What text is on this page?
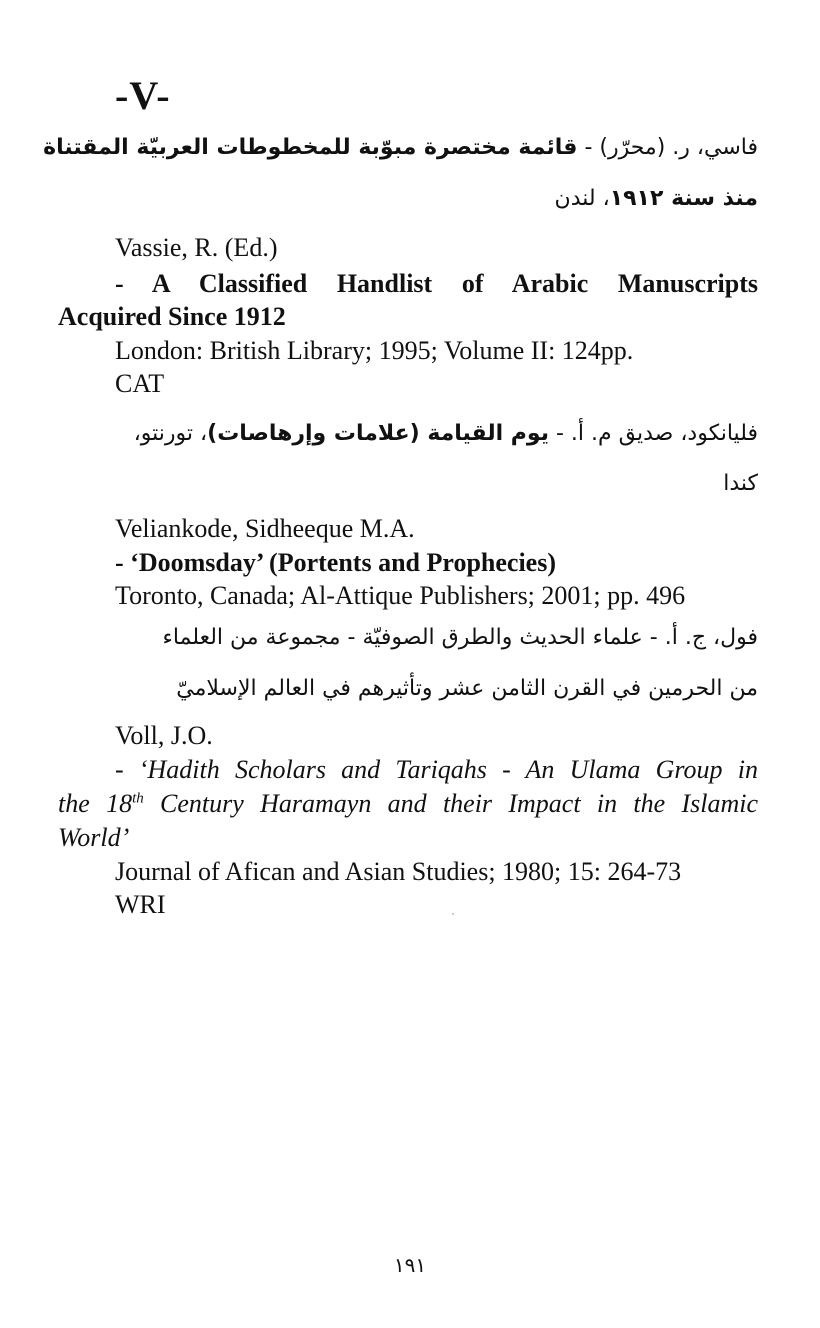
-V-
فاسي، ر. (محرّر) - قائمة مختصرة مبوّبة للمخطوطات العربيّة المقتناة
منذ سنة ١٩١٢، لندن
Vassie, R. (Ed.)
- A Classified Handlist of Arabic Manuscripts
Acquired Since 1912
London: British Library; 1995; Volume II: 124pp.
CAT
فليانكود، صديق م. أ. - يوم القيامة (علامات وإرهاصات)، تورنتو،
كندا
Veliankode, Sidheeque M.A.
- ‘Doomsday’ (Portents and Prophecies)
Toronto, Canada; Al-Attique Publishers; 2001; pp. 496
فول، ج. أ. - علماء الحديث والطرق الصوفيّة - مجموعة من العلماء
من الحرمين في القرن الثامن عشر وتأثيرهم في العالم الإسلاميّ
Voll, J.O.
- ‘Hadith Scholars and Tariqahs - An Ulama Group in
the 18th Century Haramayn and their Impact in the Islamic
World’
Journal of Afican and Asian Studies; 1980; 15: 264-73
WRI
١٩١
